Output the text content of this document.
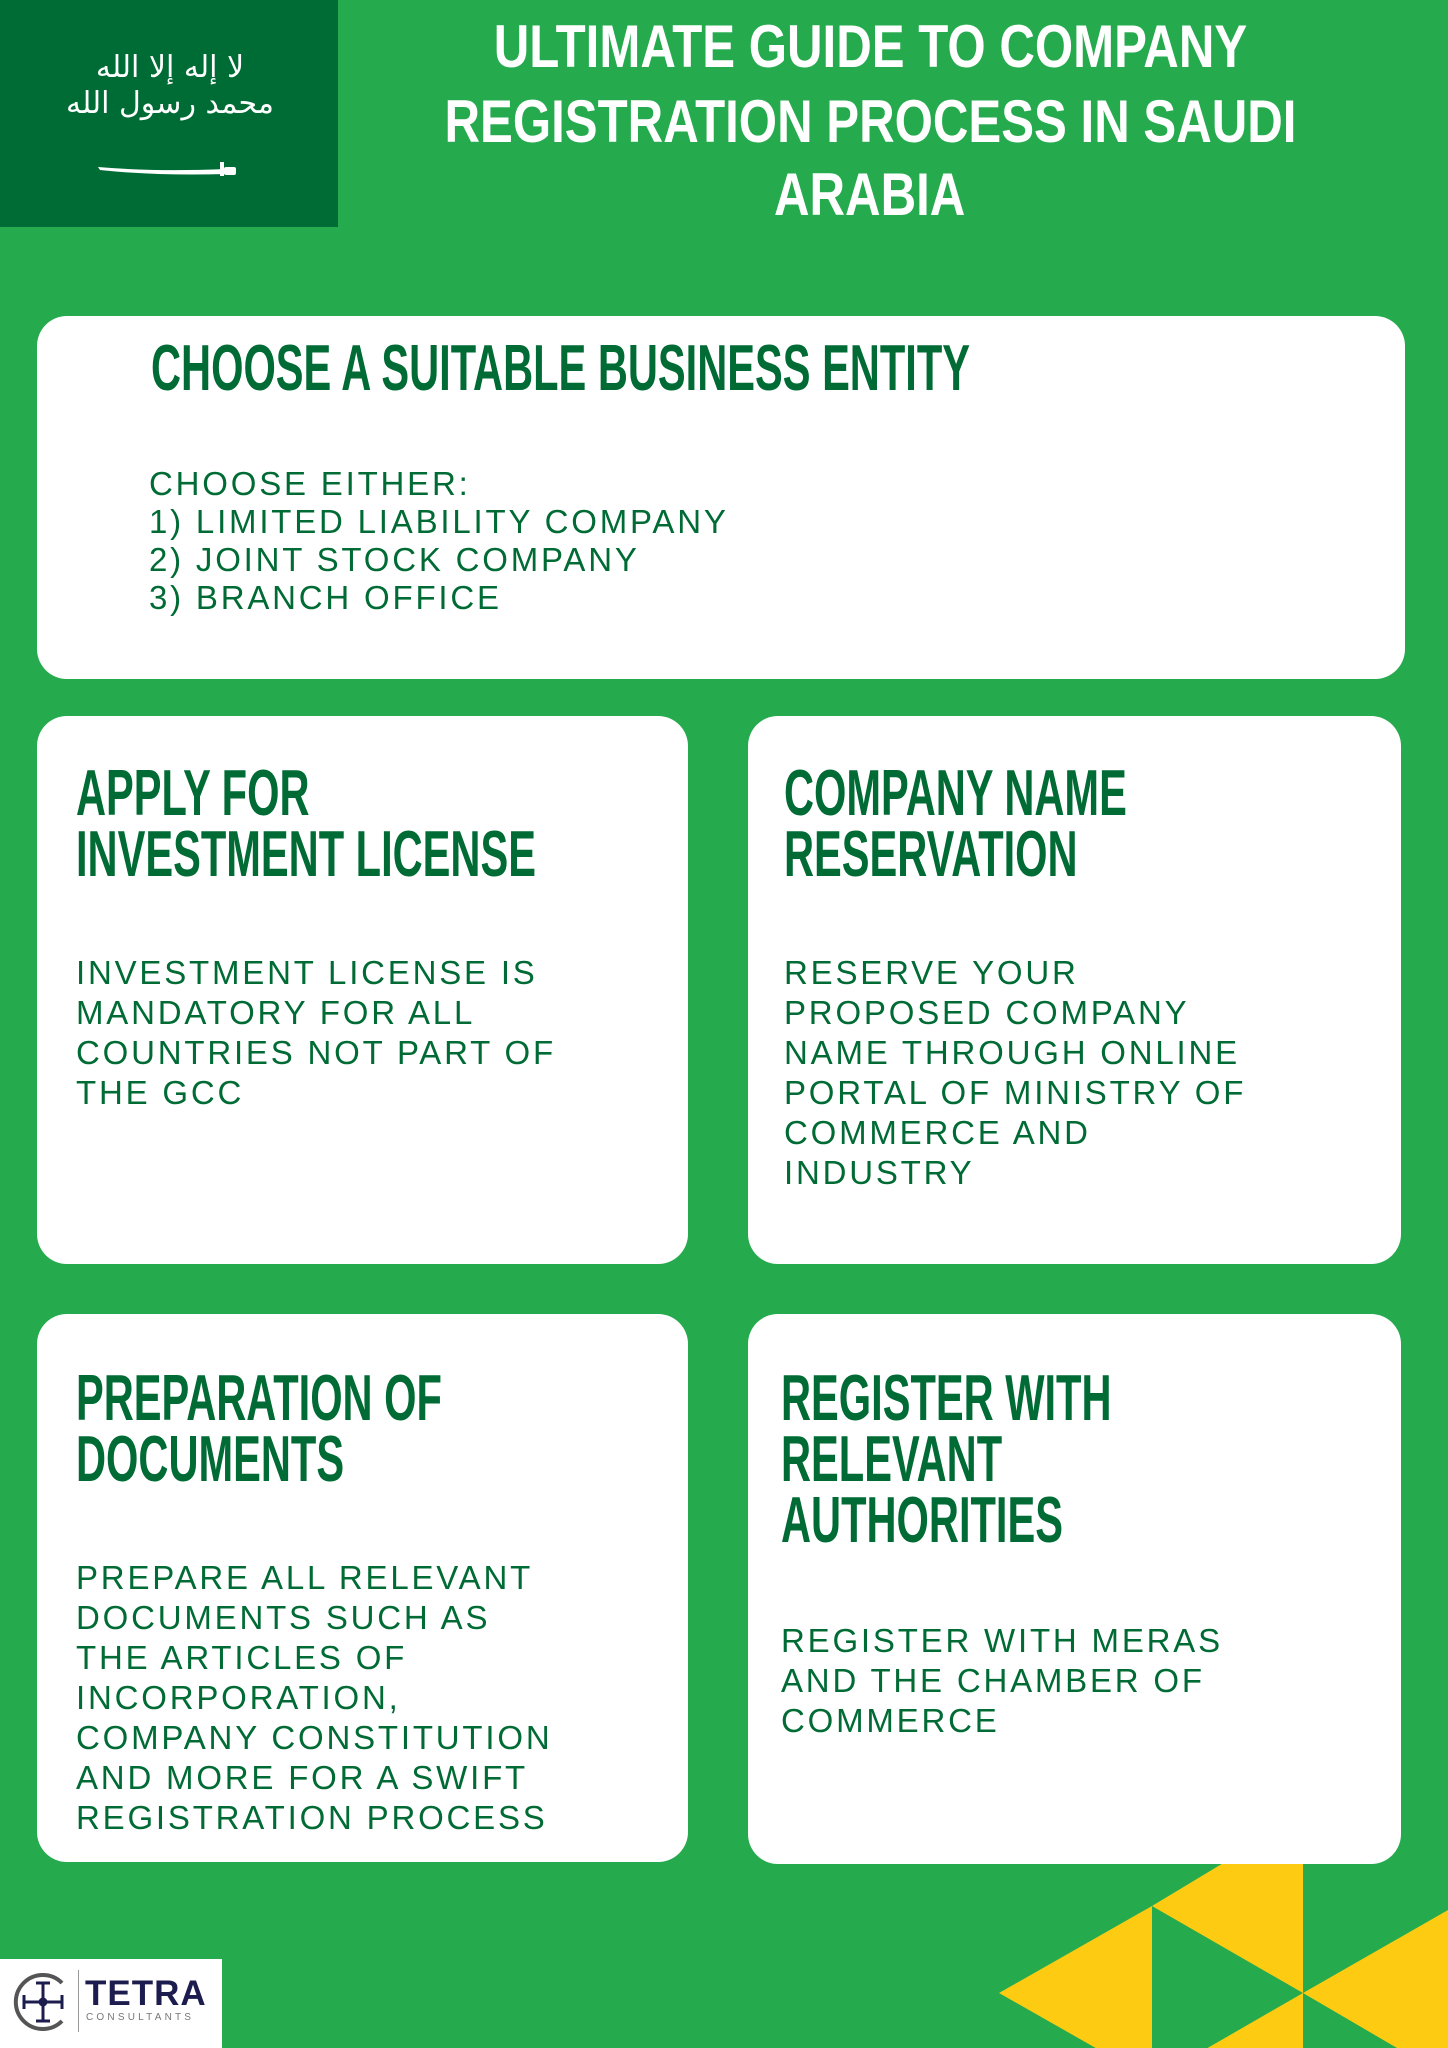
لا إله إلا الله محمد رسول الله
ULTIMATE GUIDE TO COMPANY
REGISTRATION PROCESS IN SAUDI
ARABIA
CHOOSE A SUITABLE BUSINESS ENTITY
CHOOSE EITHER:
1) LIMITED LIABILITY COMPANY
2) JOINT STOCK COMPANY
3) BRANCH OFFICE
APPLY FOR
INVESTMENT LICENSE
INVESTMENT LICENSE IS
MANDATORY FOR ALL
COUNTRIES NOT PART OF
THE GCC
COMPANY NAME
RESERVATION
RESERVE YOUR
PROPOSED COMPANY
NAME THROUGH ONLINE
PORTAL OF MINISTRY OF
COMMERCE AND
INDUSTRY
PREPARATION OF
DOCUMENTS
PREPARE ALL RELEVANT
DOCUMENTS SUCH AS
THE ARTICLES OF
INCORPORATION,
COMPANY CONSTITUTION
AND MORE FOR A SWIFT
REGISTRATION PROCESS
REGISTER WITH
RELEVANT
AUTHORITIES
REGISTER WITH MERAS
AND THE CHAMBER OF
COMMERCE
TETRA
CONSULTANTS
